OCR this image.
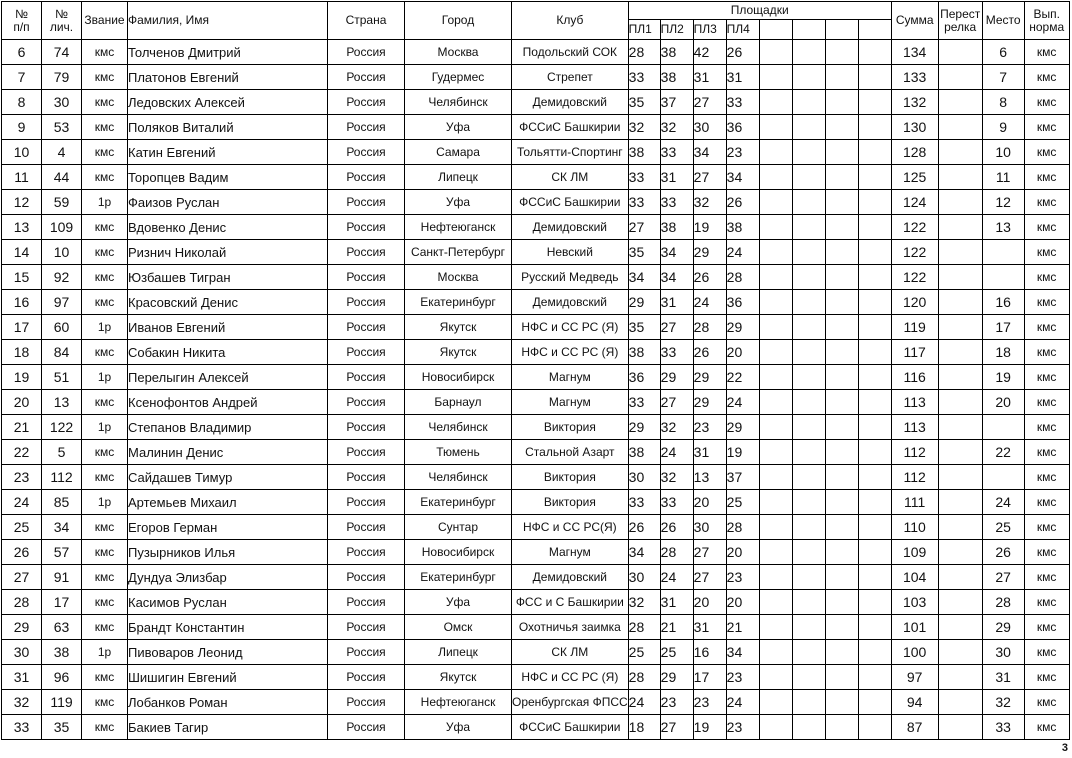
№
п/п	№
лич.	Звание	Фамилия, Имя	Страна	Город	Клуб	Площадки								Сумма	Перест
релка	Место	Вып.
норма
							ПЛ1	ПЛ2	ПЛ3	ПЛ4								
6	74	кмс	Толченов Дмитрий	Россия	Москва	Подольский СОК	28	38	42	26					134		6	кмс
7	79	кмс	Платонов Евгений	Россия	Гудермес	Стрепет	33	38	31	31					133		7	кмс
8	30	кмс	Ледовских Алексей	Россия	Челябинск	Демидовский	35	37	27	33					132		8	кмс
9	53	кмс	Поляков Виталий	Россия	Уфа	ФССиС Башкирии	32	32	30	36					130		9	кмс
10	4	кмс	Катин Евгений	Россия	Самара	Тольятти-Спортинг	38	33	34	23					128		10	кмс
11	44	кмс	Торопцев Вадим	Россия	Липецк	СК ЛМ	33	31	27	34					125		11	кмс
12	59	1р	Фаизов Руслан	Россия	Уфа	ФССиС Башкирии	33	33	32	26					124		12	кмс
13	109	кмс	Вдовенко Денис	Россия	Нефтеюганск	Демидовский	27	38	19	38					122		13	кмс
14	10	кмс	Ризнич Николай	Россия	Санкт-Петербург	Невский	35	34	29	24					122			кмс
15	92	кмс	Юзбашев Тигран	Россия	Москва	Русский Медведь	34	34	26	28					122			кмс
16	97	кмс	Красовский Денис	Россия	Екатеринбург	Демидовский	29	31	24	36					120		16	кмс
17	60	1р	Иванов Евгений	Россия	Якутск	НФС и СС РС (Я)	35	27	28	29					119		17	кмс
18	84	кмс	Собакин Никита	Россия	Якутск	НФС и СС РС (Я)	38	33	26	20					117		18	кмс
19	51	1р	Перелыгин Алексей	Россия	Новосибирск	Магнум	36	29	29	22					116		19	кмс
20	13	кмс	Ксенофонтов Андрей	Россия	Барнаул	Магнум	33	27	29	24					113		20	кмс
21	122	1р	Степанов Владимир	Россия	Челябинск	Виктория	29	32	23	29					113			кмс
22	5	кмс	Малинин Денис	Россия	Тюмень	Стальной Азарт	38	24	31	19					112		22	кмс
23	112	кмс	Сайдашев Тимур	Россия	Челябинск	Виктория	30	32	13	37					112			кмс
24	85	1р	Артемьев Михаил	Россия	Екатеринбург	Виктория	33	33	20	25					111		24	кмс
25	34	кмс	Егоров Герман	Россия	Сунтар	НФС и СС РС(Я)	26	26	30	28					110		25	кмс
26	57	кмс	Пузырников Илья	Россия	Новосибирск	Магнум	34	28	27	20					109		26	кмс
27	91	кмс	Дундуа Элизбар	Россия	Екатеринбург	Демидовский	30	24	27	23					104		27	кмс
28	17	кмс	Касимов Руслан	Россия	Уфа	ФСС и С Башкирии	32	31	20	20					103		28	кмс
29	63	кмс	Брандт Константин	Россия	Омск	Охотничья заимка	28	21	31	21					101		29	кмс
30	38	1р	Пивоваров Леонид	Россия	Липецк	СК ЛМ	25	25	16	34					100		30	кмс
31	96	кмс	Шишигин Евгений	Россия	Якутск	НФС и СС РС (Я)	28	29	17	23					97		31	кмс
32	119	кмс	Лобанков Роман	Россия	Нефтеюганск	Оренбургская ФПСС	24	23	23	24					94		32	кмс
33	35	кмс	Бакиев Тагир	Россия	Уфа	ФССиС Башкирии	18	27	19	23					87		33	кмс
3
